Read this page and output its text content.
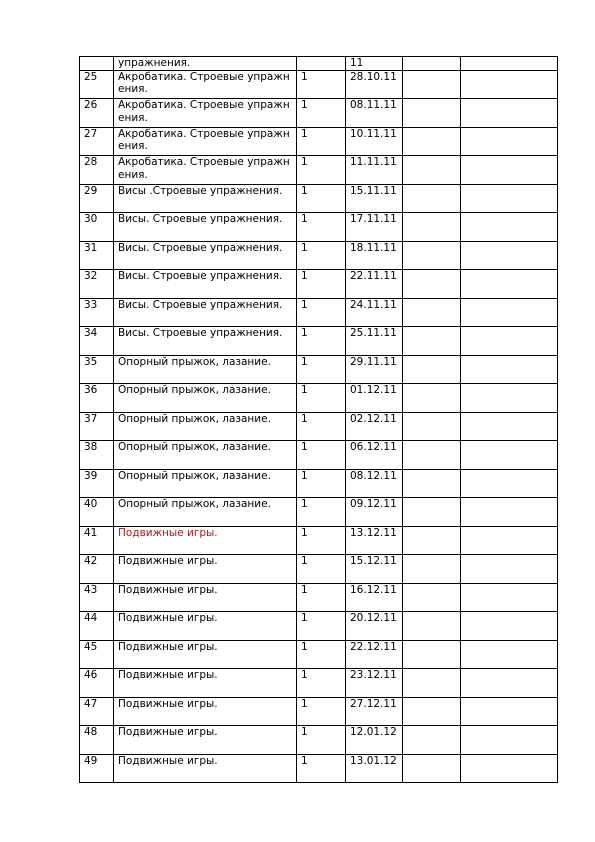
	упражнения.		11		
25	Акробатика. Строевые упражнения.	1	28.10.11		
26	Акробатика. Строевые упражнения.	1	08.11.11		
27	Акробатика. Строевые упражнения.	1	10.11.11		
28	Акробатика. Строевые упражнения.	1	11.11.11		
29	Висы .Строевые упражнения.	1	15.11.11		
30	Висы. Строевые упражнения.	1	17.11.11		
31	Висы. Строевые упражнения.	1	18.11.11		
32	Висы. Строевые упражнения.	1	22.11.11		
33	Висы. Строевые упражнения.	1	24.11.11		
34	Висы. Строевые упражнения.	1	25.11.11		
35	Опорный прыжок, лазание.	1	29.11.11		
36	Опорный прыжок, лазание.	1	01.12.11		
37	Опорный прыжок, лазание.	1	02.12.11		
38	Опорный прыжок, лазание.	1	06.12.11		
39	Опорный прыжок, лазание.	1	08.12.11		
40	Опорный прыжок, лазание.	1	09.12.11		
41	Подвижные игры.	1	13.12.11		
42	Подвижные игры.	1	15.12.11		
43	Подвижные игры.	1	16.12.11		
44	Подвижные игры.	1	20.12.11		
45	Подвижные игры.	1	22.12.11		
46	Подвижные игры.	1	23.12.11		
47	Подвижные игры.	1	27.12.11		
48	Подвижные игры.	1	12.01.12		
49	Подвижные игры.	1	13.01.12		
